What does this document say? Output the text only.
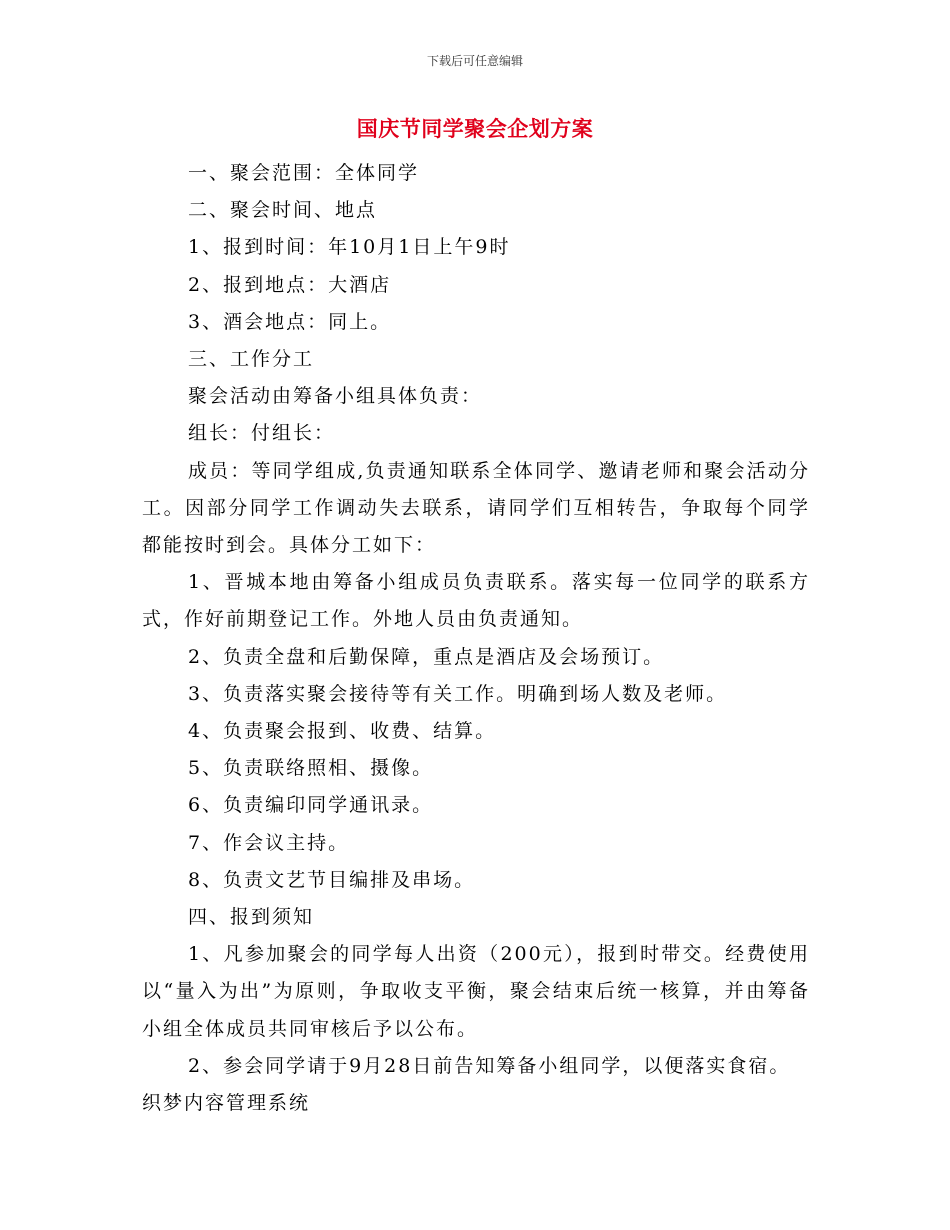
下载后可任意编辑
国庆节同学聚会企划方案

一、聚会范围：全体同学

二、聚会时间、地点

1、报到时间：年10月1日上午9时

2、报到地点：大酒店

3、酒会地点：同上。

三、工作分工

聚会活动由筹备小组具体负责：

组长：付组长：

成员：等同学组成,负责通知联系全体同学、邀请老师和聚会活动分工。因部分同学工作调动失去联系，请同学们互相转告，争取每个同学都能按时到会。具体分工如下：

1、晋城本地由筹备小组成员负责联系。落实每一位同学的联系方式，作好前期登记工作。外地人员由负责通知。

2、负责全盘和后勤保障，重点是酒店及会场预订。

3、负责落实聚会接待等有关工作。明确到场人数及老师。

4、负责聚会报到、收费、结算。

5、负责联络照相、摄像。

6、负责编印同学通讯录。

7、作会议主持。

8、负责文艺节目编排及串场。

四、报到须知

1、凡参加聚会的同学每人出资（200元），报到时带交。经费使用以“量入为出”为原则，争取收支平衡，聚会结束后统一核算，并由筹备小组全体成员共同审核后予以公布。

2、参会同学请于9月28日前告知筹备小组同学，以便落实食宿。

织梦内容管理系统
